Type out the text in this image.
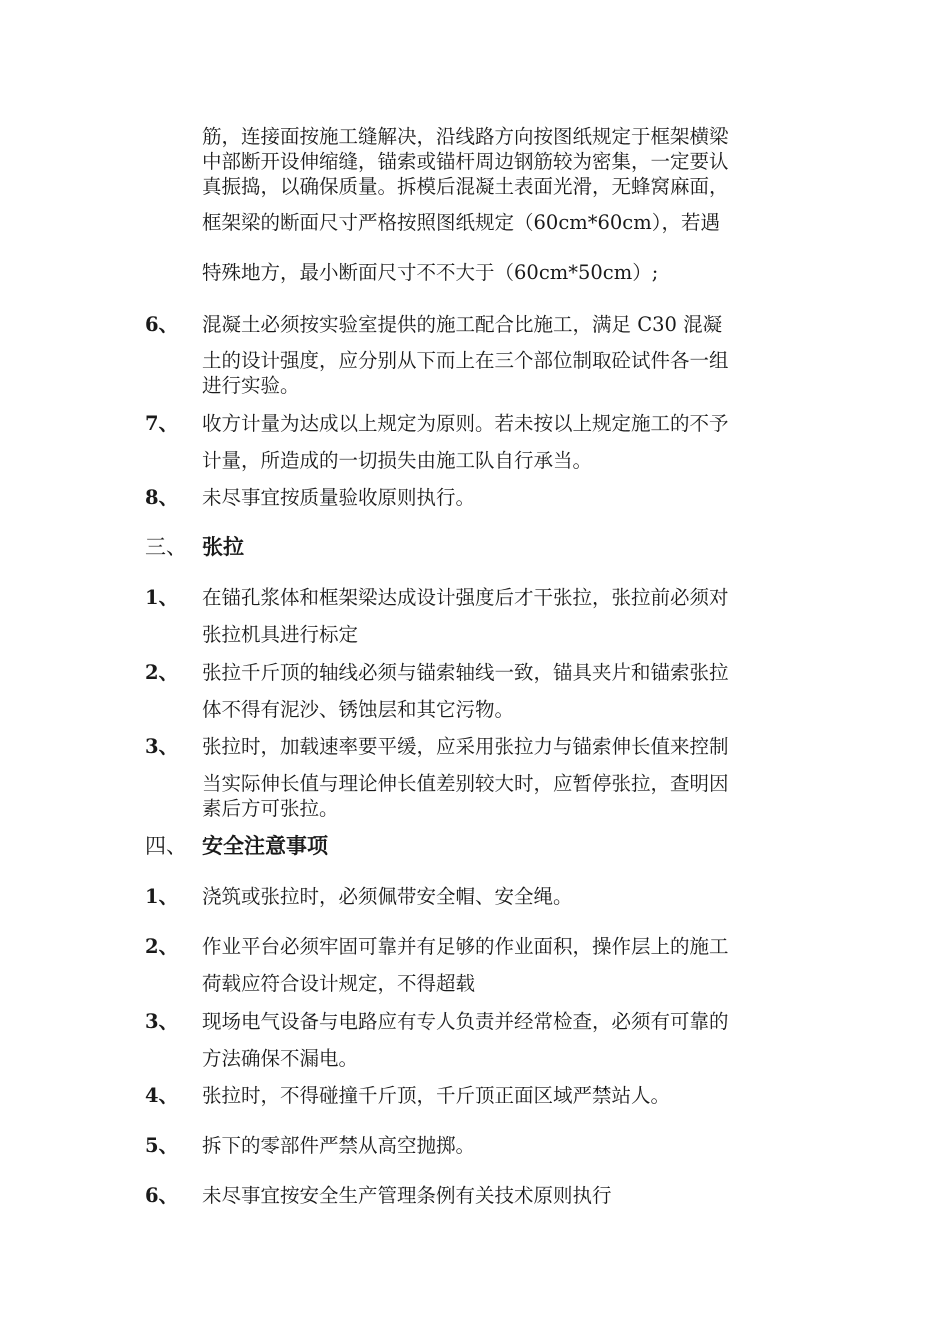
筋，连接面按施工缝解决，沿线路方向按图纸规定于框架横梁
中部断开设伸缩缝，锚索或锚杆周边钢筋较为密集，一定要认
真振捣，以确保质量。拆模后混凝土表面光滑，无蜂窝麻面，
框架梁的断面尺寸严格按照图纸规定（60cm*60cm），若遇
特殊地方，最小断面尺寸不不大于（60cm*50cm）;
6、	混凝土必须按实验室提供的施工配合比施工，满足 C30 混凝
土的设计强度，应分别从下而上在三个部位制取砼试件各一组
进行实验。
7、	收方计量为达成以上规定为原则。若未按以上规定施工的不予
计量，所造成的一切损失由施工队自行承当。
8、	未尽事宜按质量验收原则执行。
三、 张拉
1、	在锚孔浆体和框架梁达成设计强度后才干张拉，张拉前必须对
张拉机具进行标定
2、	张拉千斤顶的轴线必须与锚索轴线一致，锚具夹片和锚索张拉
体不得有泥沙、锈蚀层和其它污物。
3、	张拉时，加载速率要平缓，应采用张拉力与锚索伸长值来控制
当实际伸长值与理论伸长值差别较大时，应暂停张拉，查明因
素后方可张拉。
四、 安全注意事项
1、	浇筑或张拉时，必须佩带安全帽、安全绳。
2、	作业平台必须牢固可靠并有足够的作业面积，操作层上的施工
荷载应符合设计规定，不得超载
3、	现场电气设备与电路应有专人负责并经常检查，必须有可靠的
方法确保不漏电。
4、	张拉时，不得碰撞千斤顶，千斤顶正面区域严禁站人。
5、	拆下的零部件严禁从高空抛掷。
6、	未尽事宜按安全生产管理条例有关技术原则执行
